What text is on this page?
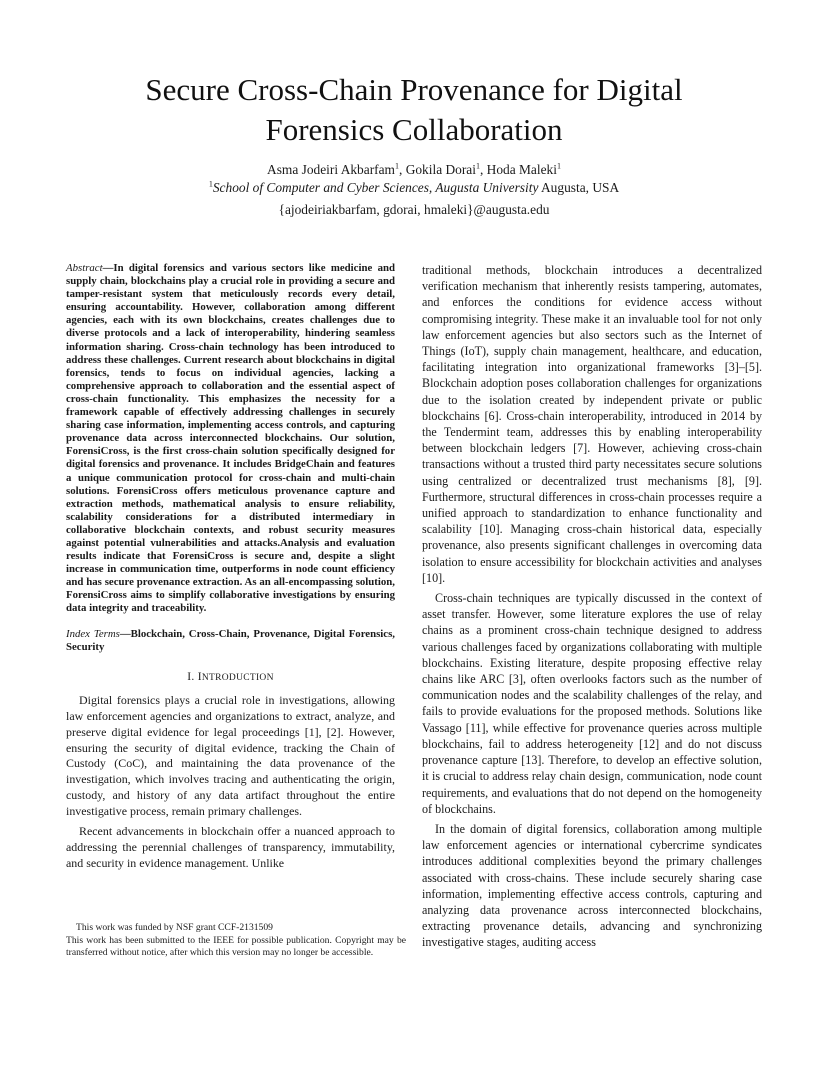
Secure Cross-Chain Provenance for Digital
Forensics Collaboration
Asma Jodeiri Akbarfam$^1$, Gokila Dorai$^1$, Hoda Maleki$^1$
$^1$School of Computer and Cyber Sciences, Augusta University Augusta, USA
{ajodeiriakbarfam, gdorai, hmaleki}@augusta.edu

Abstract—In digital forensics and various sectors like medicine and supply chain, blockchains play a crucial role in providing a secure and tamper-resistant system that meticulously records every detail, ensuring accountability. However, collaboration among different agencies, each with its own blockchains, creates challenges due to diverse protocols and a lack of interoperability, hindering seamless information sharing. Cross-chain technology has been introduced to address these challenges. Current research about blockchains in digital forensics, tends to focus on individual agencies, lacking a comprehensive approach to collaboration and the essential aspect of cross-chain functionality. This emphasizes the necessity for a framework capable of effectively addressing challenges in securely sharing case information, implementing access controls, and capturing provenance data across interconnected blockchains. Our solution, ForensiCross, is the first cross-chain solution specifically designed for digital forensics and provenance. It includes BridgeChain and features a unique communication protocol for cross-chain and multi-chain solutions. ForensiCross offers meticulous provenance capture and extraction methods, mathematical analysis to ensure reliability, scalability considerations for a distributed intermediary in collaborative blockchain contexts, and robust security measures against potential vulnerabilities and attacks.Analysis and evaluation results indicate that ForensiCross is secure and, despite a slight increase in communication time, outperforms in node count efficiency and has secure provenance extraction. As an all-encompassing solution, ForensiCross aims to simplify collaborative investigations by ensuring data integrity and traceability.

Index Terms—Blockchain, Cross-Chain, Provenance, Digital Forensics, Security

I. INTRODUCTION

Digital forensics plays a crucial role in investigations, allowing law enforcement agencies and organizations to extract, analyze, and preserve digital evidence for legal proceedings [1], [2]. However, ensuring the security of digital evidence, tracking the Chain of Custody (CoC), and maintaining the data provenance of the investigation, which involves tracing and authenticating the origin, custody, and history of any data artifact throughout the entire investigative process, remain primary challenges.

Recent advancements in blockchain offer a nuanced approach to addressing the perennial challenges of transparency, immutability, and security in evidence management. Unlike

This work was funded by NSF grant CCF-2131509

This work has been submitted to the IEEE for possible publication. Copyright may be transferred without notice, after which this version may no longer be accessible.

traditional methods, blockchain introduces a decentralized verification mechanism that inherently resists tampering, automates, and enforces the conditions for evidence access without compromising integrity. These make it an invaluable tool for not only law enforcement agencies but also sectors such as the Internet of Things (IoT), supply chain management, healthcare, and education, facilitating integration into organizational frameworks [3]–[5]. Blockchain adoption poses collaboration challenges for organizations due to the isolation created by independent private or public blockchains [6]. Cross-chain interoperability, introduced in 2014 by the Tendermint team, addresses this by enabling interoperability between blockchain ledgers [7]. However, achieving cross-chain transactions without a trusted third party necessitates secure solutions using centralized or decentralized trust mechanisms [8], [9]. Furthermore, structural differences in cross-chain processes require a unified approach to standardization to enhance functionality and scalability [10]. Managing cross-chain historical data, especially provenance, also presents significant challenges in overcoming data isolation to ensure accessibility for blockchain activities and analyses [10].

Cross-chain techniques are typically discussed in the context of asset transfer. However, some literature explores the use of relay chains as a prominent cross-chain technique designed to address various challenges faced by organizations collaborating with multiple blockchains. Existing literature, despite proposing effective relay chains like ARC [3], often overlooks factors such as the number of communication nodes and the scalability challenges of the relay, and fails to provide evaluations for the proposed methods. Solutions like Vassago [11], while effective for provenance queries across multiple blockchains, fail to address heterogeneity [12] and do not discuss provenance capture [13]. Therefore, to develop an effective solution, it is crucial to address relay chain design, communication, node count requirements, and evaluations that do not depend on the homogeneity of blockchains.

In the domain of digital forensics, collaboration among multiple law enforcement agencies or international cybercrime syndicates introduces additional complexities beyond the primary challenges associated with cross-chains. These include securely sharing case information, implementing effective access controls, capturing and analyzing data provenance across interconnected blockchains, extracting provenance details, advancing and synchronizing investigative stages, auditing access
